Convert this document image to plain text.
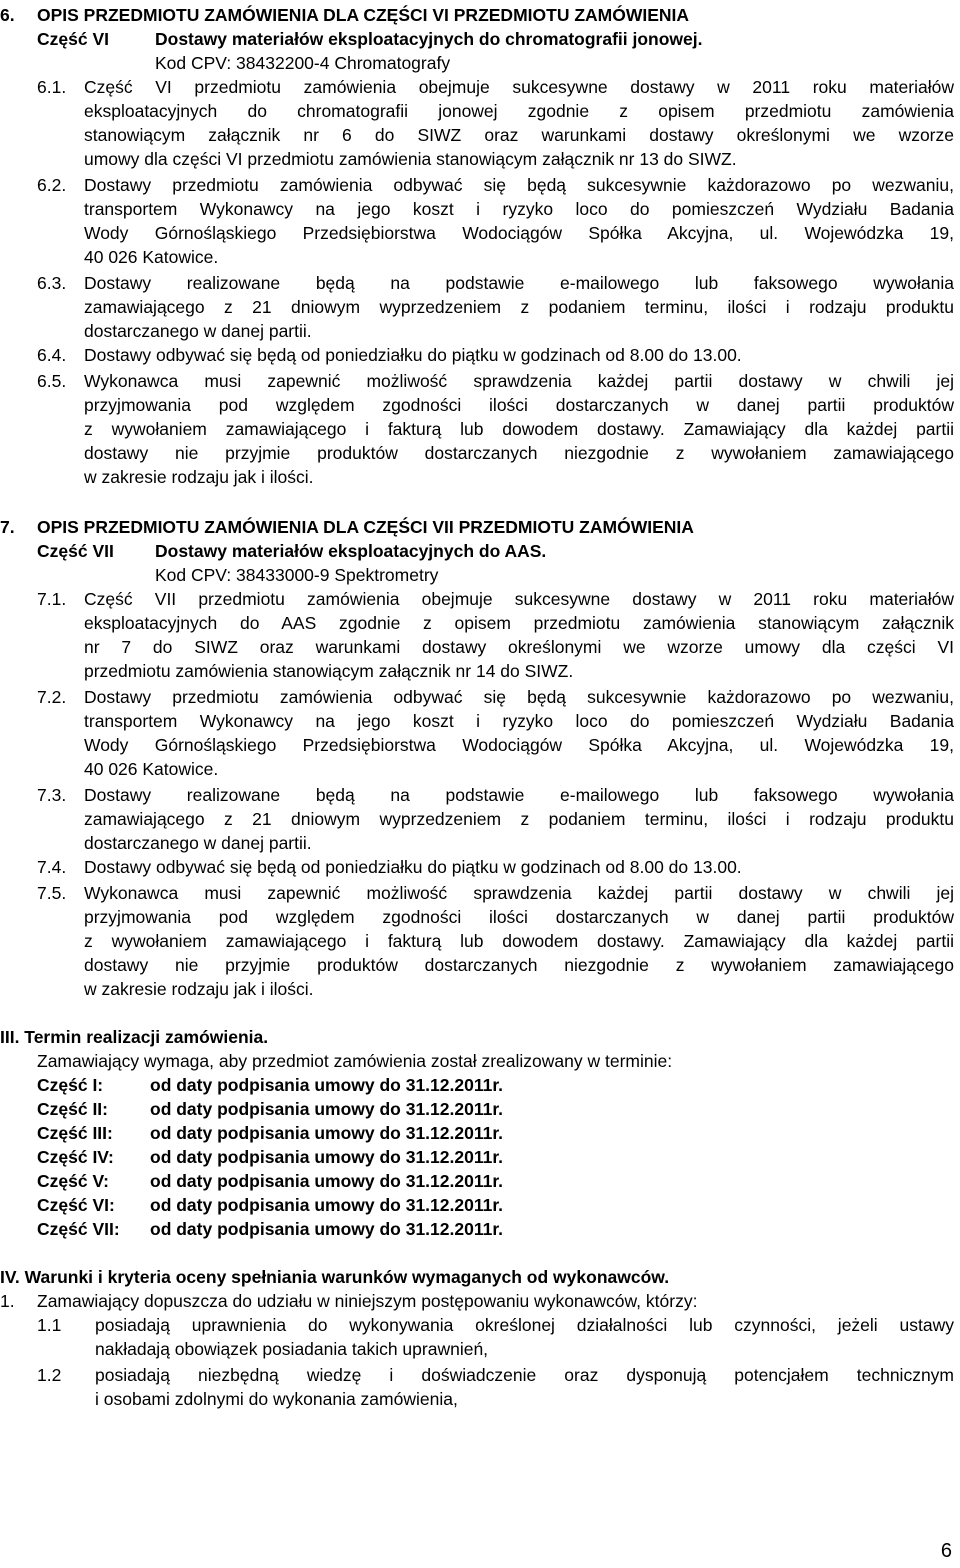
6. OPIS PRZEDMIOTU ZAMÓWIENIA DLA CZĘŚCI VI PRZEDMIOTU ZAMÓWIENIA
Część VI	Dostawy materiałów eksploatacyjnych do chromatografii jonowej.
Kod CPV: 38432200-4 Chromatografy
6.1. Część VI przedmiotu zamówienia obejmuje sukcesywne dostawy w 2011 roku materiałów
eksploatacyjnych do chromatografii jonowej zgodnie z opisem przedmiotu zamówienia
stanowiącym załącznik nr 6 do SIWZ oraz warunkami dostawy określonymi we wzorze
umowy dla części VI przedmiotu zamówienia stanowiącym załącznik nr 13 do SIWZ.
6.2. Dostawy przedmiotu zamówienia odbywać się będą sukcesywnie każdorazowo po wezwaniu,
transportem Wykonawcy na jego koszt i ryzyko loco do pomieszczeń Wydziału Badania
Wody Górnośląskiego Przedsiębiorstwa Wodociągów Spółka Akcyjna, ul. Wojewódzka 19,
40 026 Katowice.
6.3. Dostawy realizowane będą na podstawie e-mailowego lub faksowego wywołania
zamawiającego z 21 dniowym wyprzedzeniem z podaniem terminu, ilości i rodzaju produktu
dostarczanego w danej partii.
6.4. Dostawy odbywać się będą od poniedziałku do piątku w godzinach od 8.00 do 13.00.
6.5. Wykonawca musi zapewnić możliwość sprawdzenia każdej partii dostawy w chwili jej
przyjmowania pod względem zgodności ilości dostarczanych w danej partii produktów
z wywołaniem zamawiającego i fakturą lub dowodem dostawy. Zamawiający dla każdej partii
dostawy nie przyjmie produktów dostarczanych niezgodnie z wywołaniem zamawiającego
w zakresie rodzaju jak i ilości.
7. OPIS PRZEDMIOTU ZAMÓWIENIA DLA CZĘŚCI VII PRZEDMIOTU ZAMÓWIENIA
Część VII Dostawy materiałów eksploatacyjnych do AAS.
Kod CPV: 38433000-9 Spektrometry
7.1. Część VII przedmiotu zamówienia obejmuje sukcesywne dostawy w 2011 roku materiałów
eksploatacyjnych do AAS zgodnie z opisem przedmiotu zamówienia stanowiącym załącznik
nr 7 do SIWZ oraz warunkami dostawy określonymi we wzorze umowy dla części VI
przedmiotu zamówienia stanowiącym załącznik nr 14 do SIWZ.
7.2. Dostawy przedmiotu zamówienia odbywać się będą sukcesywnie każdorazowo po wezwaniu,
transportem Wykonawcy na jego koszt i ryzyko loco do pomieszczeń Wydziału Badania
Wody Górnośląskiego Przedsiębiorstwa Wodociągów Spółka Akcyjna, ul. Wojewódzka 19,
40 026 Katowice.
7.3. Dostawy realizowane będą na podstawie e-mailowego lub faksowego wywołania
zamawiającego z 21 dniowym wyprzedzeniem z podaniem terminu, ilości i rodzaju produktu
dostarczanego w danej partii.
7.4. Dostawy odbywać się będą od poniedziałku do piątku w godzinach od 8.00 do 13.00.
7.5. Wykonawca musi zapewnić możliwość sprawdzenia każdej partii dostawy w chwili jej
przyjmowania pod względem zgodności ilości dostarczanych w danej partii produktów
z wywołaniem zamawiającego i fakturą lub dowodem dostawy. Zamawiający dla każdej partii
dostawy nie przyjmie produktów dostarczanych niezgodnie z wywołaniem zamawiającego
w zakresie rodzaju jak i ilości.
III. Termin realizacji zamówienia.
Zamawiający wymaga, aby przedmiot zamówienia został zrealizowany w terminie:
Część I:	od daty podpisania umowy do 31.12.2011r.
Część II: od daty podpisania umowy do 31.12.2011r.
Część III: od daty podpisania umowy do 31.12.2011r.
Część IV: od daty podpisania umowy do 31.12.2011r.
Część V: od daty podpisania umowy do 31.12.2011r.
Część VI: od daty podpisania umowy do 31.12.2011r.
Część VII: od daty podpisania umowy do 31.12.2011r.
IV. Warunki i kryteria oceny spełniania warunków wymaganych od wykonawców.
1. Zamawiający dopuszcza do udziału w niniejszym postępowaniu wykonawców, którzy:
1.1 posiadają uprawnienia do wykonywania określonej działalności lub czynności, jeżeli ustawy
nakładają obowiązek posiadania takich uprawnień,
1.2 posiadają niezbędną wiedzę i doświadczenie oraz dysponują potencjałem technicznym
i osobami zdolnymi do wykonania zamówienia,
6
